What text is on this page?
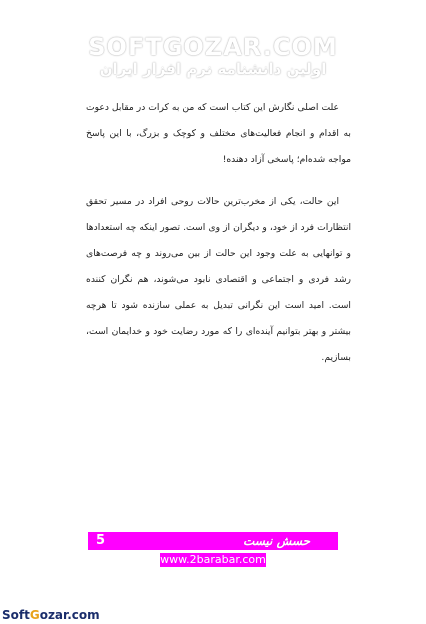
SOFTGOZAR.COM
اولین دانشنامه نرم افزار ایران

علت اصلی نگارش این کتاب است که من به کرات در مقابل دعوت به اقدام و انجام فعالیت‌های مختلف و کوچک و بزرگ، با این پاسخ مواجه شده‌ام؛ پاسخی آزاد دهنده!

این حالت، یکی از مخرب‌ترین حالات روحی افراد در مسیر تحقق انتظارات فرد از خود، و دیگران از وی است. تصور اینکه چه استعدادها و توانهایی به علت وجود این حالت از بین می‌روند و چه فرصت‌های رشد فردی و اجتماعی و اقتصادی نابود می‌شوند، هم نگران کننده است. امید است این نگرانی تبدیل به عملی سازنده شود تا هرچه بیشتر و بهتر بتوانیم آینده‌ای را که مورد رضایت خود و خدایمان است، بسازیم.

حسش نیست
5
www.2barabar.com
SoftGozar.com
